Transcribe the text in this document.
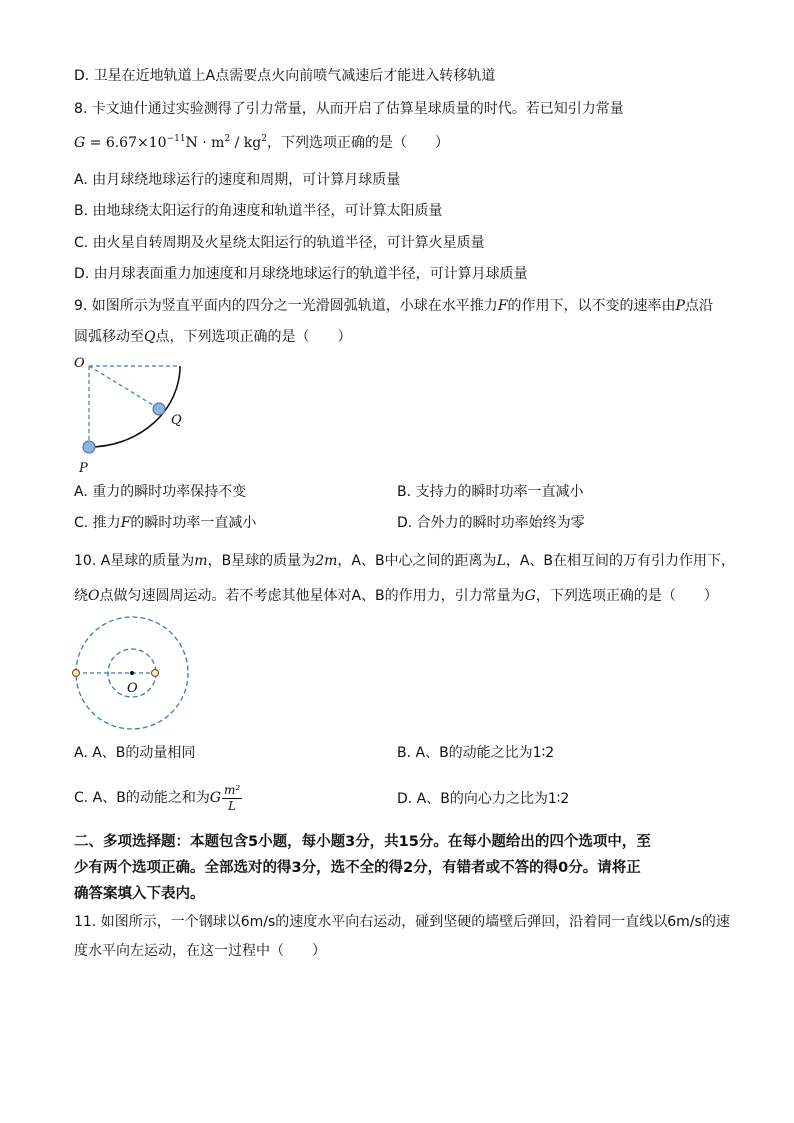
D. 卫星在近地轨道上A点需要点火向前喷气减速后才能进入转移轨道
8. 卡文迪什通过实验测得了引力常量，从而开启了估算星球质量的时代。若已知引力常量
$G = 6.67\times 10^{-11}N \cdot m^2 / kg^2$，下列选项正确的是（　　）
A. 由月球绕地球运行的速度和周期，可计算月球质量
B. 由地球绕太阳运行的角速度和轨道半径，可计算太阳质量
C. 由火星自转周期及火星绕太阳运行的轨道半径，可计算火星质量
D. 由月球表面重力加速度和月球绕地球运行的轨道半径，可计算月球质量
9. 如图所示为竖直平面内的四分之一光滑圆弧轨道，小球在水平推力F的作用下，以不变的速率由P点沿
圆弧移动至Q点，下列选项正确的是（　　）
O
Q
P
A. 重力的瞬时功率保持不变	B. 支持力的瞬时功率一直减小
C. 推力F的瞬时功率一直减小	D. 合外力的瞬时功率始终为零
10. A星球的质量为m，B星球的质量为2m，A、B中心之间的距离为L，A、B在相互间的万有引力作用下，
绕O点做匀速圆周运动。若不考虑其他星体对A、B的作用力，引力常量为G，下列选项正确的是（　　）
O
A. A、B的动量相同	B. A、B的动能之比为1∶2
C. A、B的动能之和为G $\frac{\text{m²}}{L}$	D. A、B的向心力之比为1∶2
二、多项选择题：本题包含5小题，每小题3分，共15分。在每小题给出的四个选项中，至
少有两个选项正确。全部选对的得3分，选不全的得2分，有错者或不答的得0分。请将正
确答案填入下表内。
11. 如图所示，一个钢球以6m/s的速度水平向右运动，碰到坚硬的墙壁后弹回，沿着同一直线以6m/s的速
度水平向左运动，在这一过程中（　　）
